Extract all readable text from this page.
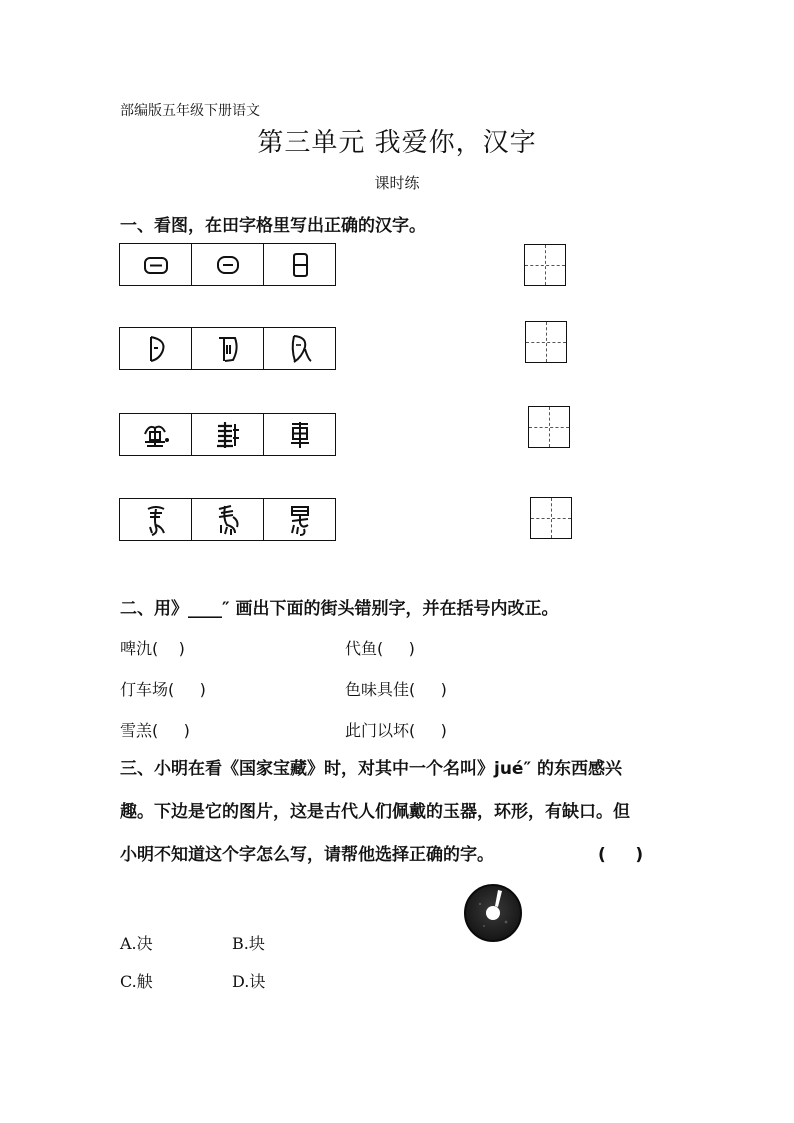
部编版五年级下册语文
第三单元 我爱你，汉字
课时练
一、看图，在田字格里写出正确的汉字。
二、用》____″ 画出下面的街头错别字，并在括号内改正。
啤氿(    )	代鱼(     )
仃车场(     )	色味具佳(     )
雪羔(     )	此门以坏(     )
三、小明在看《国家宝藏》时，对其中一个名叫》jué″ 的东西感兴
趣。下边是它的图片，这是古代人们佩戴的玉器，环形，有缺口。但
小明不知道这个字怎么写，请帮他选择正确的字。	(     )
A.决	B.块
C.觖	D.诀
